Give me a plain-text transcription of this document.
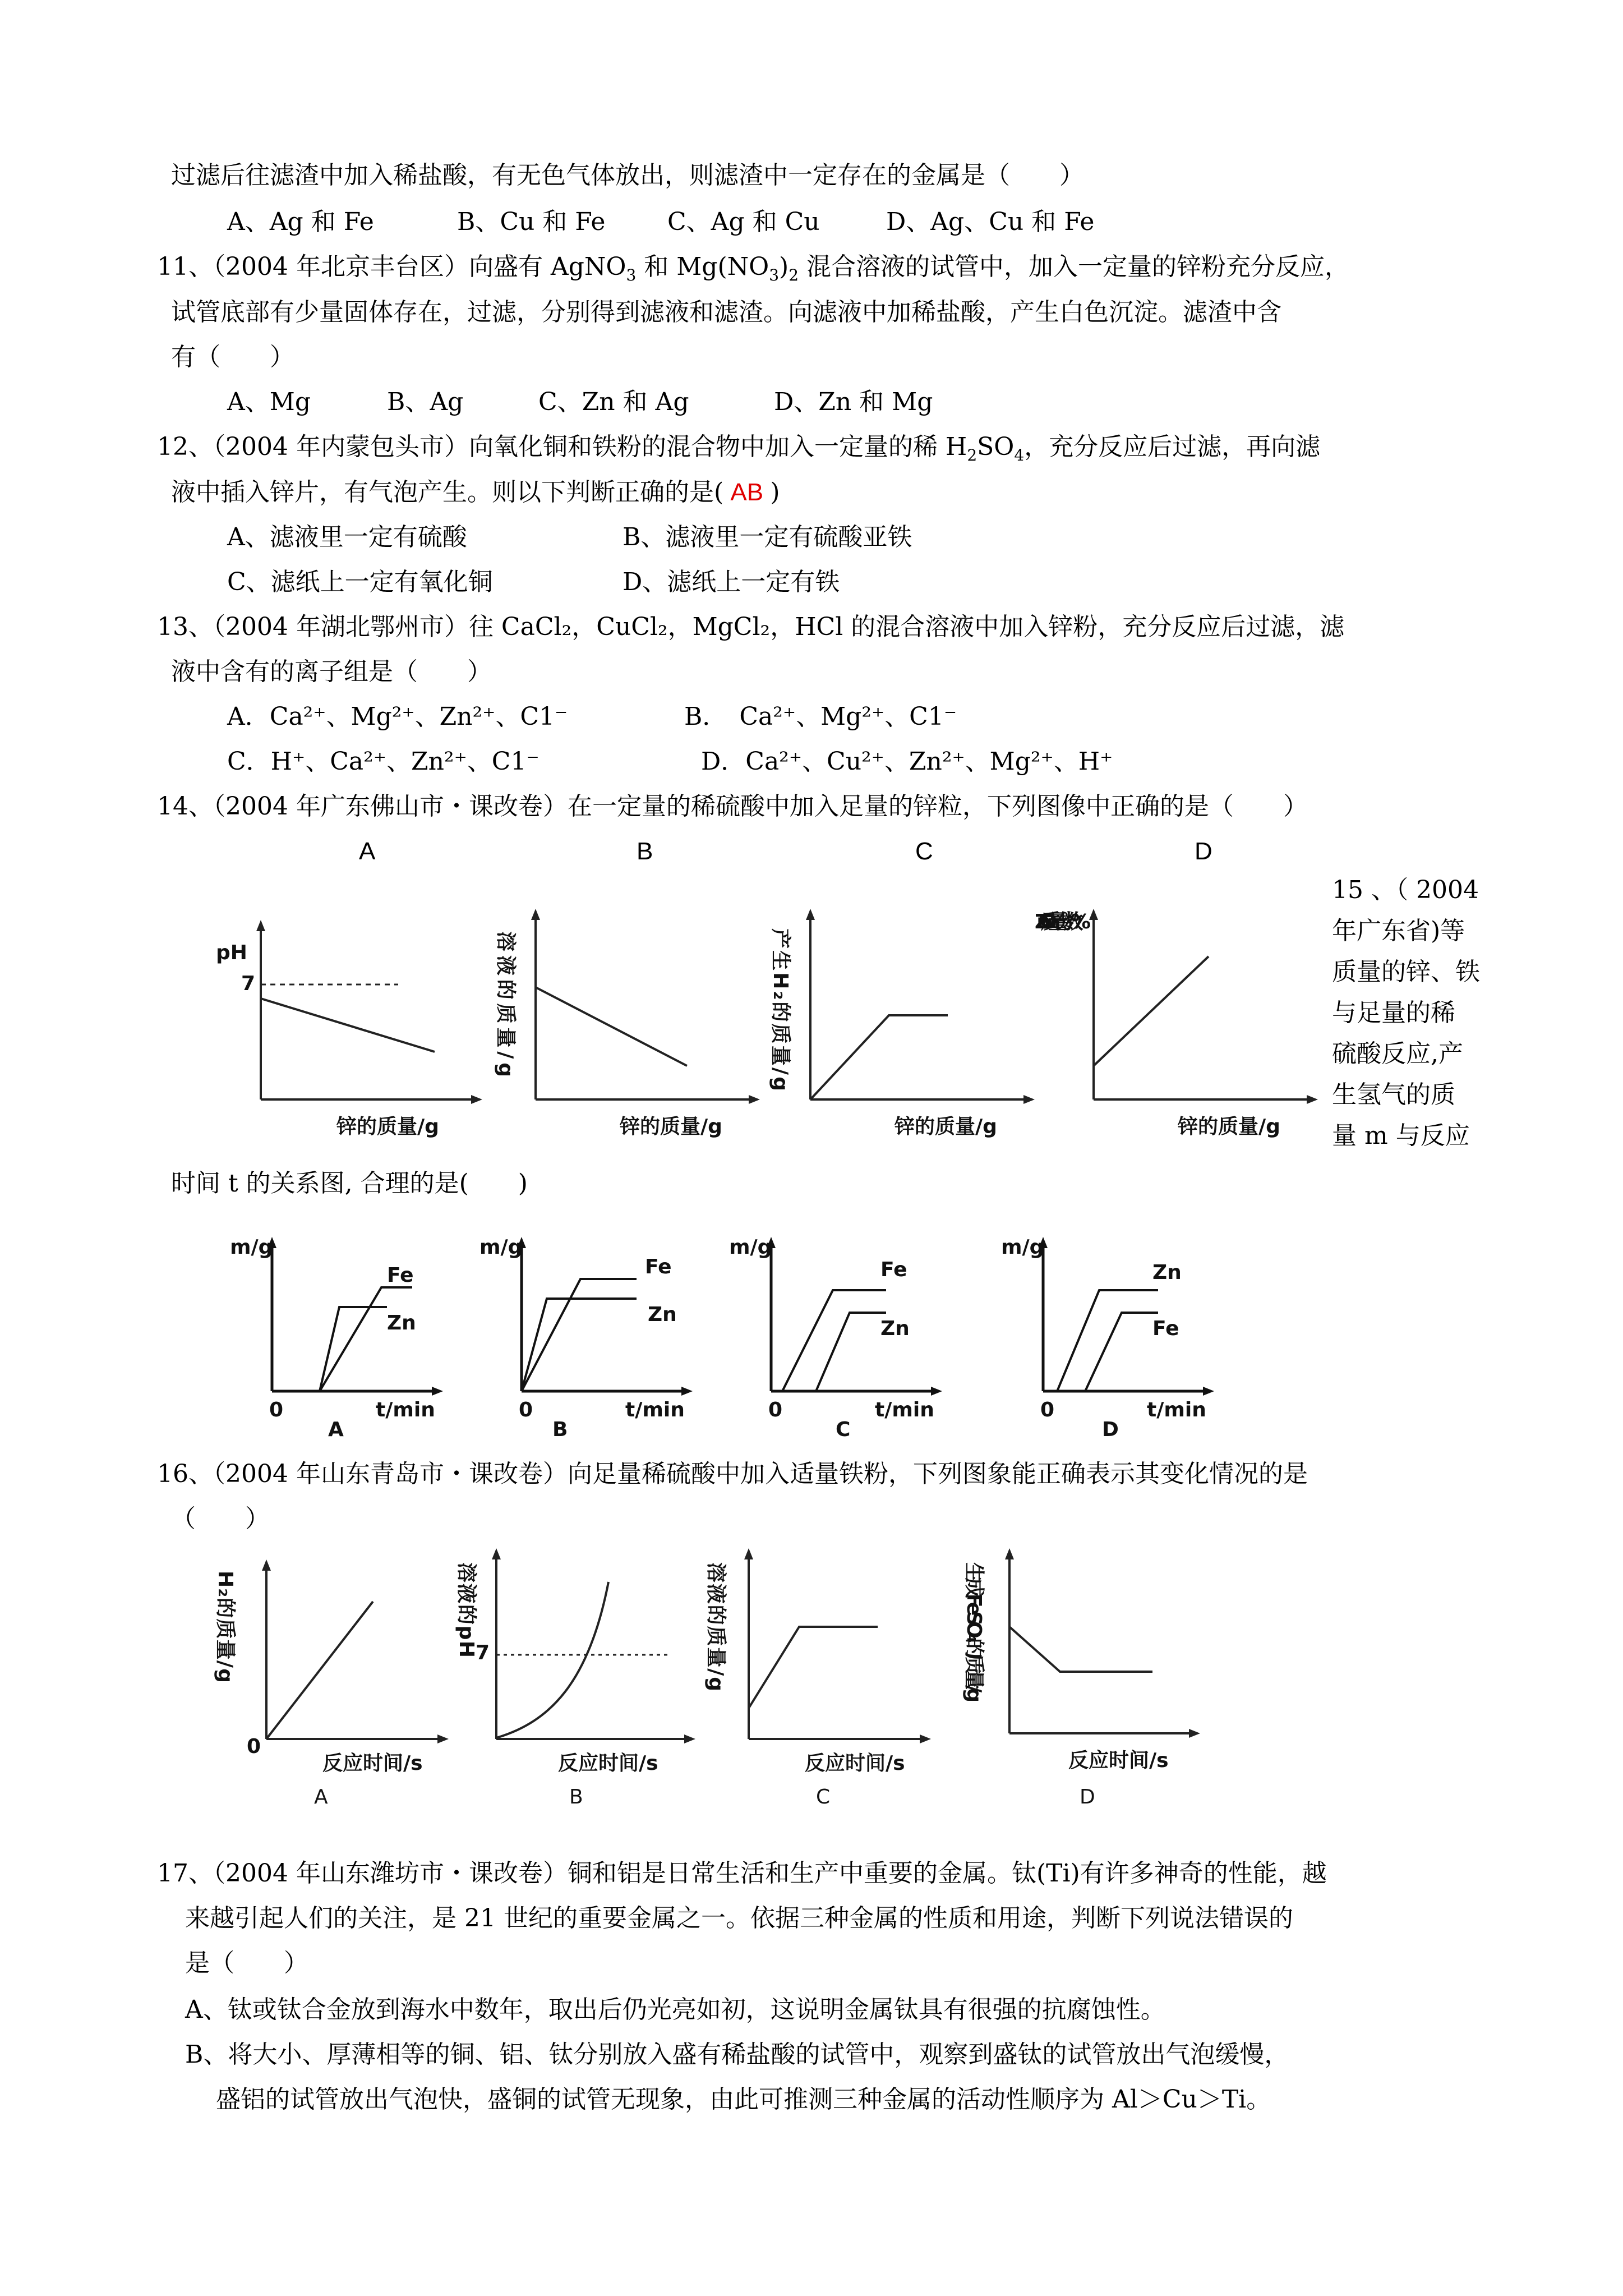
过滤后往滤渣中加入稀盐酸，有无色气体放出，则滤渣中一定存在的金属是（　　）
A、Ag 和 Fe	B、Cu 和 Fe	C、Ag 和 Cu	D、Ag、Cu 和 Fe
11、（2004 年北京丰台区）向盛有 AgNO$_3$ 和 $Mg(NO_3)_2$ 混合溶液的试管中，加入一定量的锌粉充分反应，
试管底部有少量固体存在，过滤，分别得到滤液和滤渣。向滤液中加稀盐酸，产生白色沉淀。滤渣中含
有（　　）
A、Mg	B、Ag	C、Zn 和 Ag	D、Zn 和 Mg
12、（2004 年内蒙包头市）向氧化铜和铁粉的混合物中加入一定量的稀 $H_2SO_4$，充分反应后过滤，再向滤
液中插入锌片，有气泡产生。则以下判断正确的是( AB )
A、滤液里一定有硫酸	B、滤液里一定有硫酸亚铁
C、滤纸上一定有氧化铜	D、滤纸上一定有铁
13、（2004 年湖北鄂州市）往 CaCl₂，CuCl₂，MgCl₂，HCl 的混合溶液中加入锌粉，充分反应后过滤，滤
液中含有的离子组是（　　）
A．Ca²⁺、Mg²⁺、Zn²⁺、C1⁻	B．　Ca²⁺、Mg²⁺、C1⁻
C．H⁺、Ca²⁺、Zn²⁺、C1⁻	D．Ca²⁺、Cu²⁺、Zn²⁺、Mg²⁺、H⁺
14、（2004 年广东佛山市・课改卷）在一定量的稀硫酸中加入足量的锌粒，下列图像中正确的是（　　）
A	B	C	D
pH
7
锌的质量/g
溶液的质量/g
锌的质量/g
产生H₂的质量/g
锌的质量/g
ZnSO₄质量分数%
锌的质量/g
15 、（ 2004
年广东省)等
质量的锌、铁
与足量的稀
硫酸反应,产
生氢气的质
量 m 与反应
时间 t 的关系图, 合理的是(　　)
m/g
Fe
Zn
0	t/min
A
m/g
Fe
Zn
0	t/min
B
m/g
Fe
Zn
0	t/min
C
m/g
Zn
Fe
0	t/min
D
16、（2004 年山东青岛市・课改卷）向足量稀硫酸中加入适量铁粉，下列图象能正确表示其变化情况的是
（　　）
H₂的质量/g
0
反应时间/s
A
溶液的pH
7
反应时间/s
B
溶液的质量/g
反应时间/s
C
生成FeSO₄的质量/g
反应时间/s
D
17、（2004 年山东潍坊市・课改卷）铜和铝是日常生活和生产中重要的金属。钛(Ti)有许多神奇的性能，越
来越引起人们的关注，是 21 世纪的重要金属之一。依据三种金属的性质和用途，判断下列说法错误的
是（　　）
A、钛或钛合金放到海水中数年，取出后仍光亮如初，这说明金属钛具有很强的抗腐蚀性。
B、将大小、厚薄相等的铜、铝、钛分别放入盛有稀盐酸的试管中，观察到盛钛的试管放出气泡缓慢，
盛铝的试管放出气泡快，盛铜的试管无现象，由此可推测三种金属的活动性顺序为 Al＞Cu＞Ti。
